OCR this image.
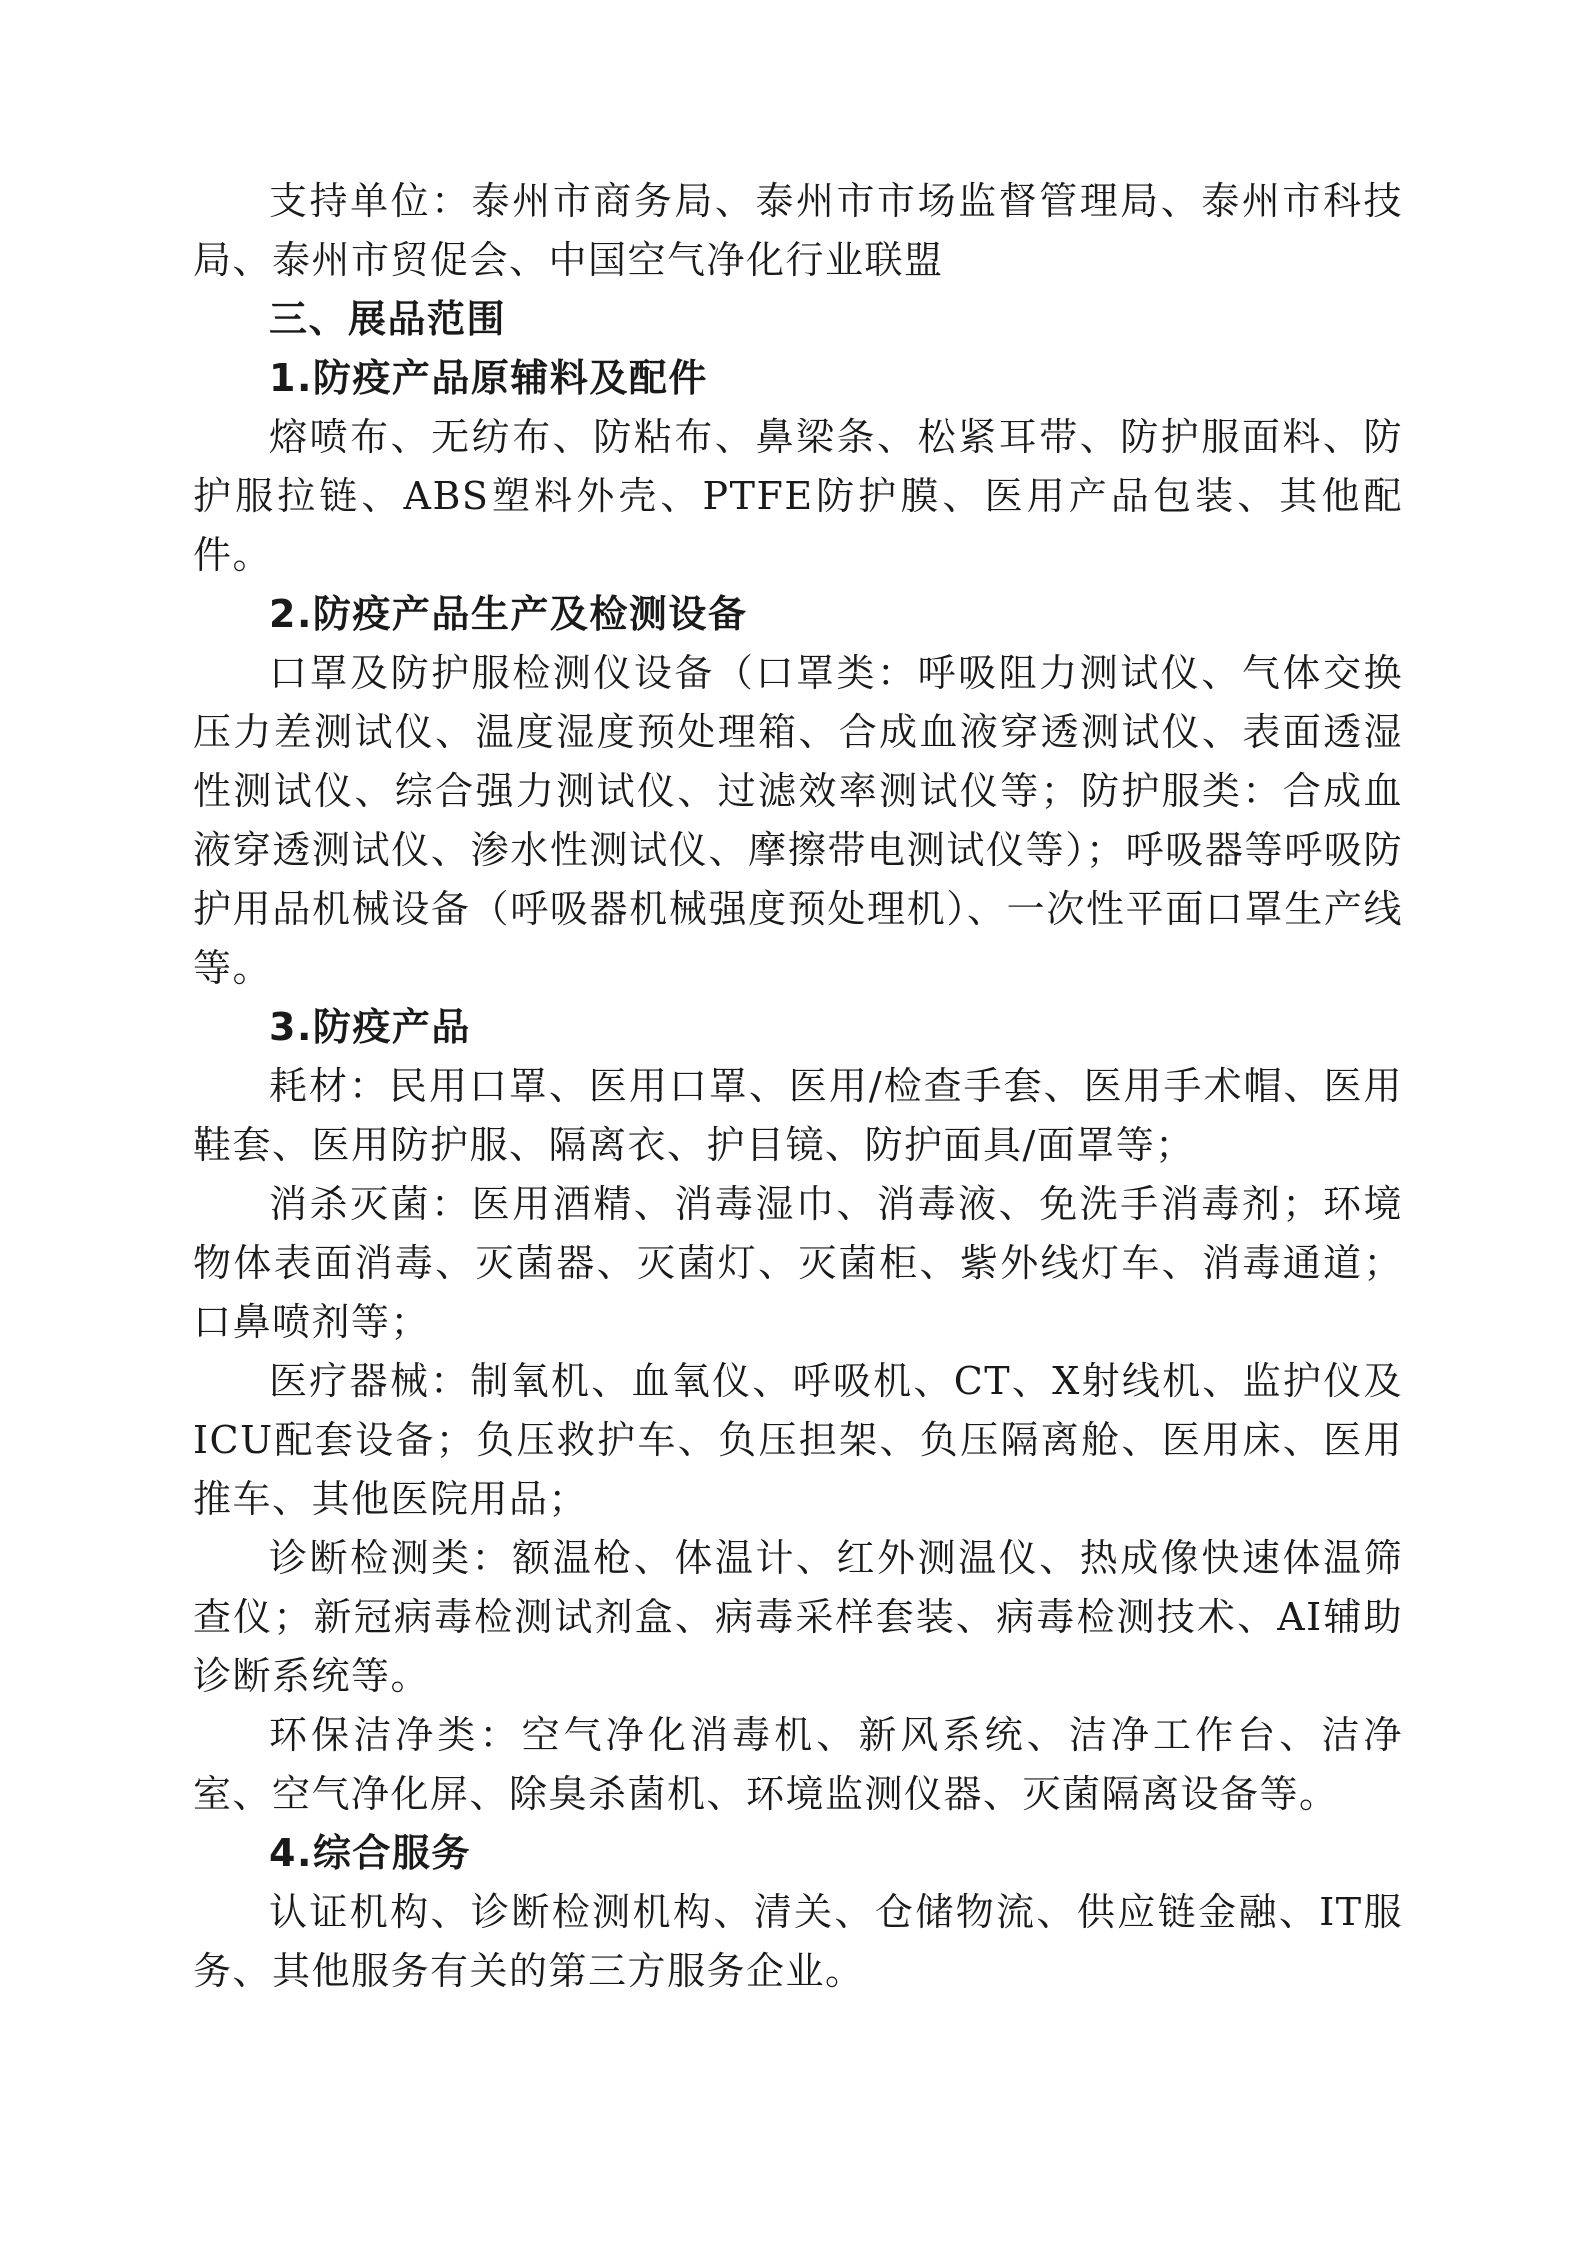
支持单位：泰州市商务局、泰州市市场监督管理局、泰州市科技局、泰州市贸促会、中国空气净化行业联盟

三、展品范围

1.防疫产品原辅料及配件

熔喷布、无纺布、防粘布、鼻梁条、松紧耳带、防护服面料、防护服拉链、ABS塑料外壳、PTFE防护膜、医用产品包装、其他配件。

2.防疫产品生产及检测设备

口罩及防护服检测仪设备（口罩类：呼吸阻力测试仪、气体交换压力差测试仪、温度湿度预处理箱、合成血液穿透测试仪、表面透湿性测试仪、综合强力测试仪、过滤效率测试仪等；防护服类：合成血液穿透测试仪、渗水性测试仪、摩擦带电测试仪等）；呼吸器等呼吸防护用品机械设备（呼吸器机械强度预处理机）、一次性平面口罩生产线等。

3.防疫产品

耗材：民用口罩、医用口罩、医用/检查手套、医用手术帽、医用鞋套、医用防护服、隔离衣、护目镜、防护面具/面罩等；

消杀灭菌：医用酒精、消毒湿巾、消毒液、免洗手消毒剂；环境物体表面消毒、灭菌器、灭菌灯、灭菌柜、紫外线灯车、消毒通道；口鼻喷剂等；

医疗器械：制氧机、血氧仪、呼吸机、CT、X射线机、监护仪及ICU配套设备；负压救护车、负压担架、负压隔离舱、医用床、医用推车、其他医院用品；

诊断检测类：额温枪、体温计、红外测温仪、热成像快速体温筛查仪；新冠病毒检测试剂盒、病毒采样套装、病毒检测技术、AI辅助诊断系统等。

环保洁净类：空气净化消毒机、新风系统、洁净工作台、洁净室、空气净化屏、除臭杀菌机、环境监测仪器、灭菌隔离设备等。

4.综合服务

认证机构、诊断检测机构、清关、仓储物流、供应链金融、IT服务、其他服务有关的第三方服务企业。
